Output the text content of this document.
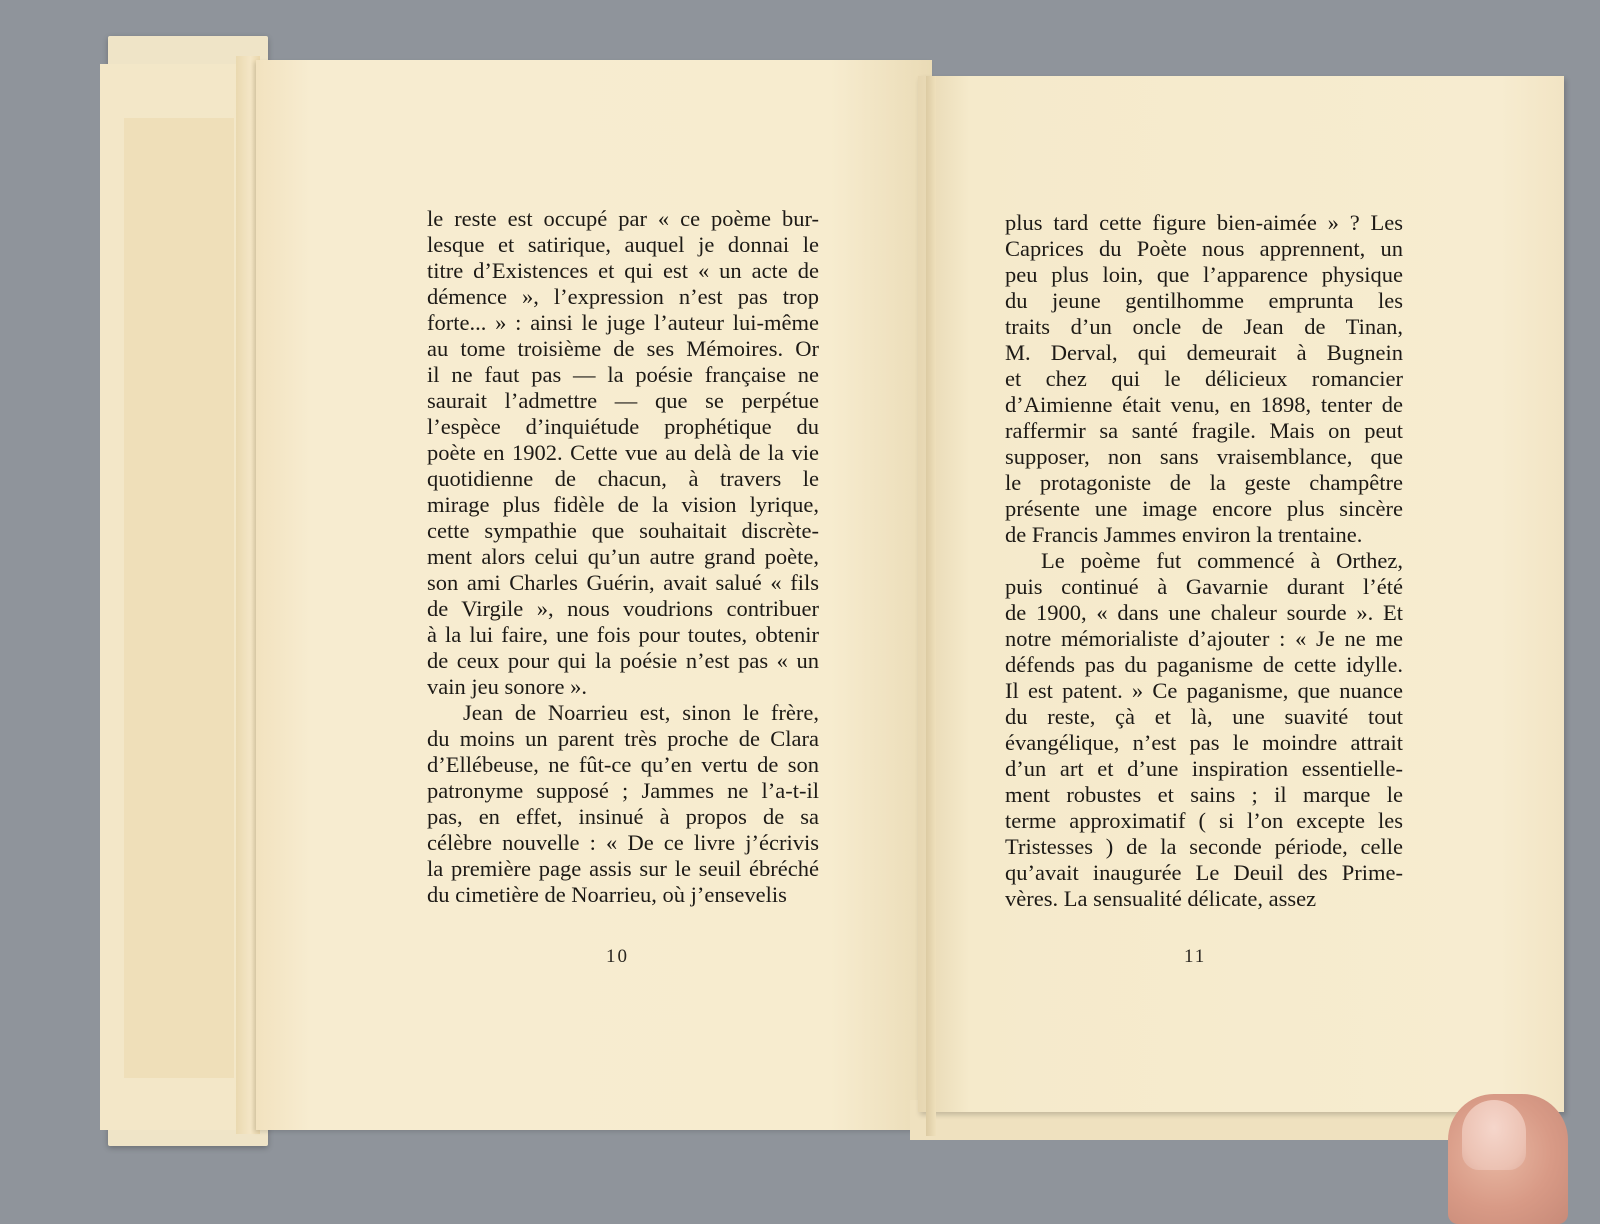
le reste est occupé par « ce poème bur-
lesque et satirique, auquel je donnai le
titre d’Existences et qui est « un acte de
démence », l’expression n’est pas trop
forte... » : ainsi le juge l’auteur lui-même
au tome troisième de ses Mémoires. Or
il ne faut pas — la poésie française ne
saurait l’admettre — que se perpétue
l’espèce d’inquiétude prophétique du
poète en 1902. Cette vue au delà de la vie
quotidienne de chacun, à travers le
mirage plus fidèle de la vision lyrique,
cette sympathie que souhaitait discrète-
ment alors celui qu’un autre grand poète,
son ami Charles Guérin, avait salué « fils
de Virgile », nous voudrions contribuer
à la lui faire, une fois pour toutes, obtenir
de ceux pour qui la poésie n’est pas « un
vain jeu sonore ».
Jean de Noarrieu est, sinon le frère,
du moins un parent très proche de Clara
d’Ellébeuse, ne fût-ce qu’en vertu de son
patronyme supposé ; Jammes ne l’a-t-il
pas, en effet, insinué à propos de sa
célèbre nouvelle : « De ce livre j’écrivis
la première page assis sur le seuil ébréché
du cimetière de Noarrieu, où j’ensevelis
plus tard cette figure bien-aimée » ? Les
Caprices du Poète nous apprennent, un
peu plus loin, que l’apparence physique
du jeune gentilhomme emprunta les
traits d’un oncle de Jean de Tinan,
M. Derval, qui demeurait à Bugnein
et chez qui le délicieux romancier
d’Aimienne était venu, en 1898, tenter de
raffermir sa santé fragile. Mais on peut
supposer, non sans vraisemblance, que
le protagoniste de la geste champêtre
présente une image encore plus sincère
de Francis Jammes environ la trentaine.
Le poème fut commencé à Orthez,
puis continué à Gavarnie durant l’été
de 1900, « dans une chaleur sourde ». Et
notre mémorialiste d’ajouter : « Je ne me
défends pas du paganisme de cette idylle.
Il est patent. » Ce paganisme, que nuance
du reste, çà et là, une suavité tout
évangélique, n’est pas le moindre attrait
d’un art et d’une inspiration essentielle-
ment robustes et sains ; il marque le
terme approximatif ( si l’on excepte les
Tristesses ) de la seconde période, celle
qu’avait inaugurée Le Deuil des Prime-
vères. La sensualité délicate, assez
10	11
